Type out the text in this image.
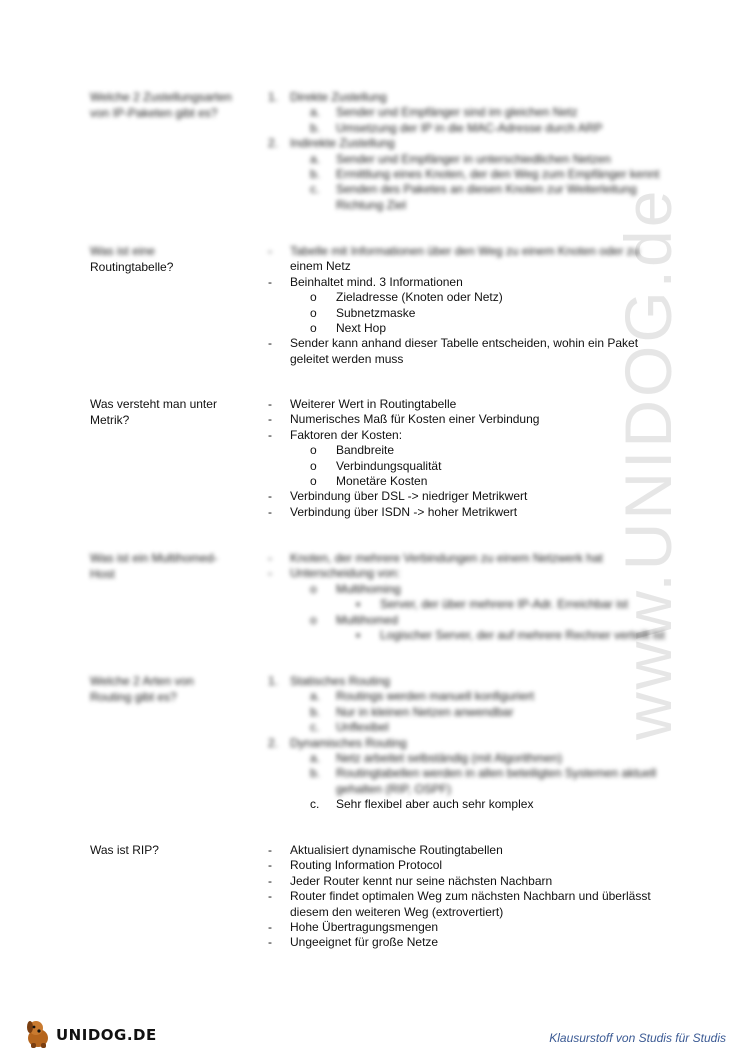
www.UNIDOG.de
Welche 2 Zustellungsarten
von IP-Paketen gibt es?
1. Direkte Zustellung
a.	Sender und Empfänger sind im gleichen Netz
b.	Umsetzung der IP in die MAC-Adresse durch ARP
2. Indirekte Zustellung
a.	Sender und Empfänger in unterschiedlichen Netzen
b.	Ermittlung eines Knoten, der den Weg zum Empfänger kennt
c.	Senden des Paketes an diesen Knoten zur Weiterleitung
Richtung Ziel
Was ist eine
Routingtabelle?
-	Tabelle mit Informationen über den Weg zu einem Knoten oder zu
einem Netz
-	Beinhaltet mind. 3 Informationen
o	Zieladresse (Knoten oder Netz)
o	Subnetzmaske
o	Next Hop
-	Sender kann anhand dieser Tabelle entscheiden, wohin ein Paket
geleitet werden muss
Was versteht man unter
Metrik?
-	Weiterer Wert in Routingtabelle
-	Numerisches Maß für Kosten einer Verbindung
-	Faktoren der Kosten:
o	Bandbreite
o	Verbindungsqualität
o	Monetäre Kosten
-	Verbindung über DSL -> niedriger Metrikwert
-	Verbindung über ISDN -> hoher Metrikwert
Was ist ein Multihomed-
Host
-	Knoten, der mehrere Verbindungen zu einem Netzwerk hat
-	Unterscheidung von:
o	Multihoming
▪	Server, der über mehrere IP-Adr. Erreichbar ist
o	Multihomed
▪	Logischer Server, der auf mehrere Rechner verteilt ist
Welche 2 Arten von
Routing gibt es?
1. Statisches Routing
a.	Routings werden manuell konfiguriert
b.	Nur in kleinen Netzen anwendbar
c.	Unflexibel
2. Dynamisches Routing
a.	Netz arbeitet selbständig (mit Algorithmen)
b.	Routingtabellen werden in allen beteiligten Systemen aktuell
gehalten (RIP, OSPF)
c.	Sehr flexibel aber auch sehr komplex
Was ist RIP?	-	Aktualisiert dynamische Routingtabellen
-	Routing Information Protocol
-	Jeder Router kennt nur seine nächsten Nachbarn
-	Router findet optimalen Weg zum nächsten Nachbarn und überlässt
diesem den weiteren Weg (extrovertiert)
-	Hohe Übertragungsmengen
-	Ungeeignet für große Netze
UNIDOG.DE	Klausurstoff von Studis für Studis
